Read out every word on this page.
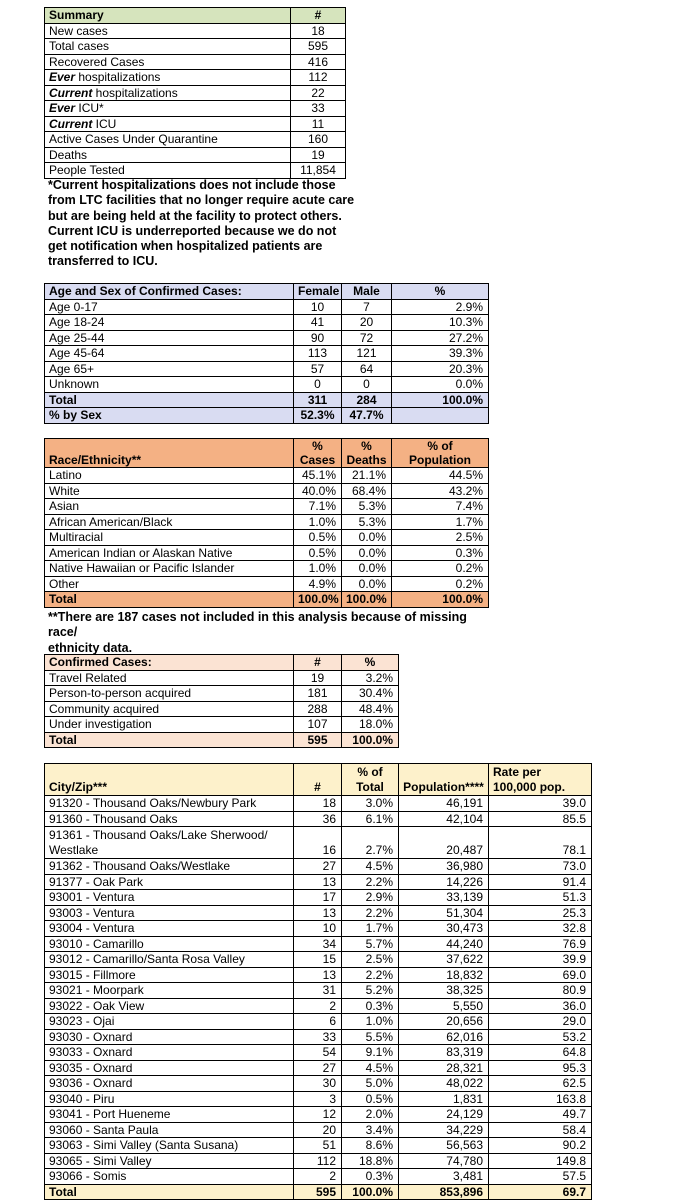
Summary	#
New cases	18
Total cases	595
Recovered Cases	416
Ever hospitalizations	112
Current hospitalizations	22
Ever ICU*	33
Current ICU	11
Active Cases Under Quarantine	160
Deaths	19
People Tested	11,854
*Current hospitalizations does not include those
from LTC facilities that no longer require acute care
but are being held at the facility to protect others.
Current ICU is underreported because we do not
get notification when hospitalized patients are
transferred to ICU.
Age and Sex of Confirmed Cases:	Female	Male	%
Age 0-17	10	7	2.9%
Age 18-24	41	20	10.3%
Age 25-44	90	72	27.2%
Age 45-64	113	121	39.3%
Age 65+	57	64	20.3%
Unknown	0	0	0.0%
Total	311	284	100.0%
% by Sex	52.3%	47.7%	
Race/Ethnicity**	% Cases	% Deaths	% of Population
Latino	45.1%	21.1%	44.5%
White	40.0%	68.4%	43.2%
Asian	7.1%	5.3%	7.4%
African American/Black	1.0%	5.3%	1.7%
Multiracial	0.5%	0.0%	2.5%
American Indian or Alaskan Native	0.5%	0.0%	0.3%
Native Hawaiian or Pacific Islander	1.0%	0.0%	0.2%
Other	4.9%	0.0%	0.2%
Total	100.0%	100.0%	100.0%
**There are 187 cases not included in this analysis because of missing race/
ethnicity data.
Confirmed Cases:	#	%
Travel Related	19	3.2%
Person-to-person acquired	181	30.4%
Community acquired	288	48.4%
Under investigation	107	18.0%
Total	595	100.0%
City/Zip***	#	% of Total	Population****	Rate per 100,000 pop.
91320 - Thousand Oaks/Newbury Park	18	3.0%	46,191	39.0
91360 - Thousand Oaks	36	6.1%	42,104	85.5
91361 - Thousand Oaks/Lake Sherwood/ Westlake	16	2.7%	20,487	78.1
91362 - Thousand Oaks/Westlake	27	4.5%	36,980	73.0
91377 - Oak Park	13	2.2%	14,226	91.4
93001 - Ventura	17	2.9%	33,139	51.3
93003 - Ventura	13	2.2%	51,304	25.3
93004 - Ventura	10	1.7%	30,473	32.8
93010 - Camarillo	34	5.7%	44,240	76.9
93012 - Camarillo/Santa Rosa Valley	15	2.5%	37,622	39.9
93015 - Fillmore	13	2.2%	18,832	69.0
93021 - Moorpark	31	5.2%	38,325	80.9
93022 - Oak View	2	0.3%	5,550	36.0
93023 - Ojai	6	1.0%	20,656	29.0
93030 - Oxnard	33	5.5%	62,016	53.2
93033 - Oxnard	54	9.1%	83,319	64.8
93035 - Oxnard	27	4.5%	28,321	95.3
93036 - Oxnard	30	5.0%	48,022	62.5
93040 - Piru	3	0.5%	1,831	163.8
93041 - Port Hueneme	12	2.0%	24,129	49.7
93060 - Santa Paula	20	3.4%	34,229	58.4
93063 - Simi Valley (Santa Susana)	51	8.6%	56,563	90.2
93065 - Simi Valley	112	18.8%	74,780	149.8
93066 - Somis	2	0.3%	3,481	57.5
Total	595	100.0%	853,896	69.7
